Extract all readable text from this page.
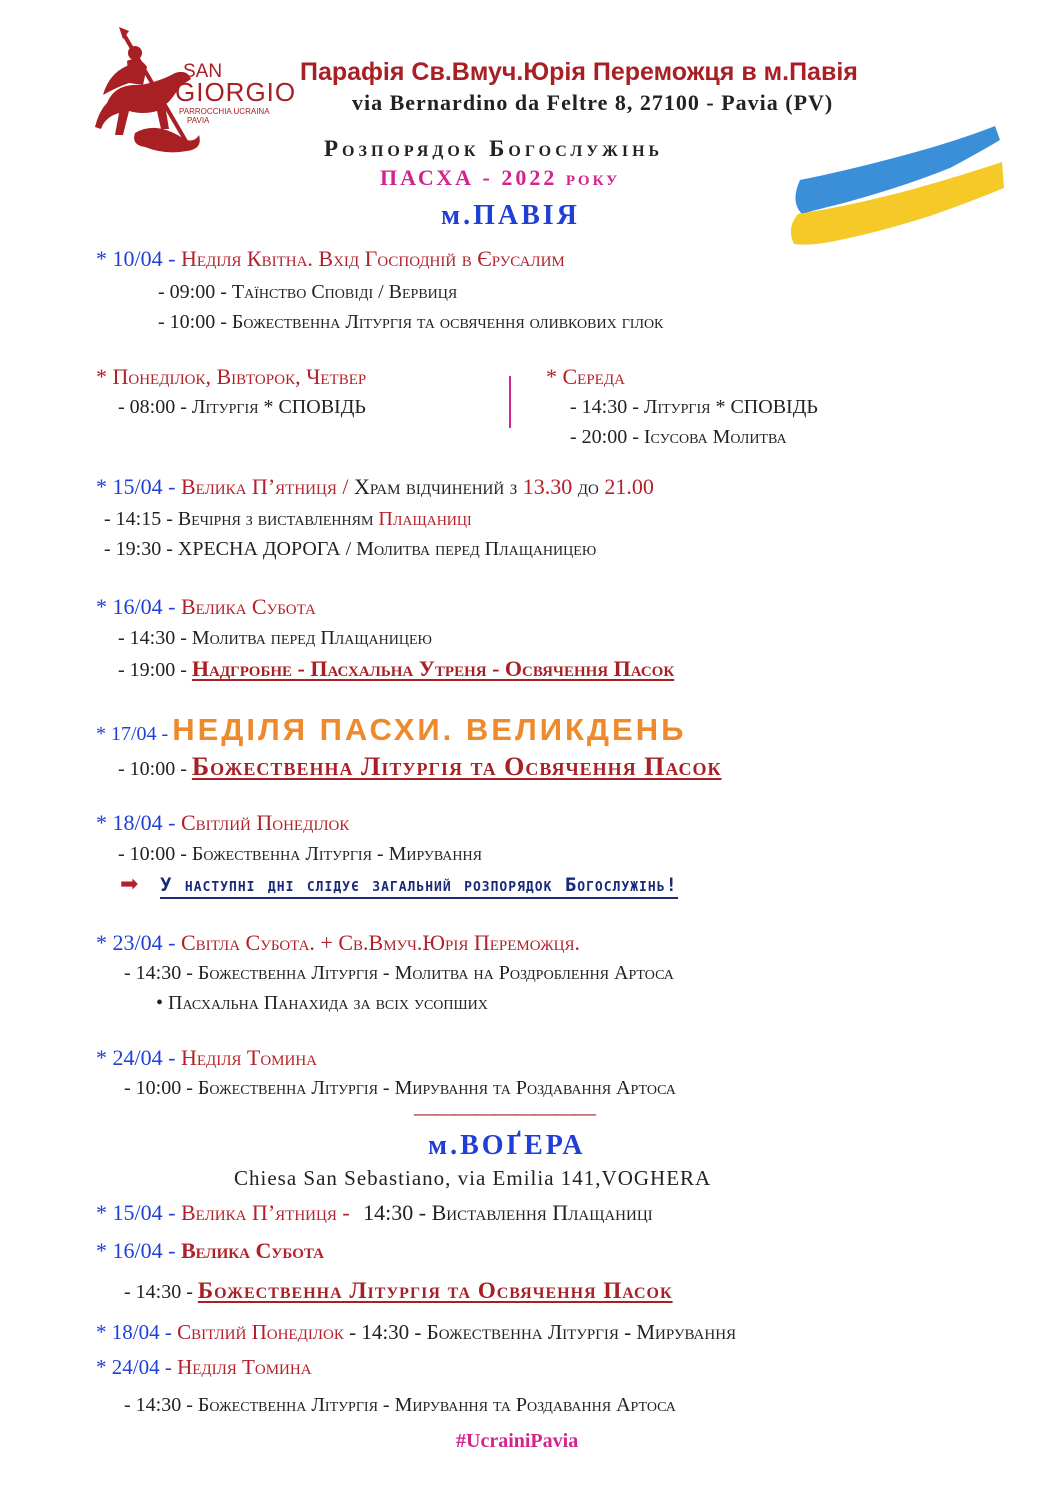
SAN
GIORGIO
PARROCCHIA UCRAINA
PAVIA
Парафія Св.Вмуч.Юрія Переможця в м.Павія
via Bernardino da Feltre 8, 27100 - Pavia (PV)
Розпорядок Богослужінь
ПАСХА - 2022 року
м.ПАВІЯ
* 10/04 - Неділя Квітна. Вхід Господній в Єрусалим
- 09:00 - Таїнство Сповіді / Вервиця
- 10:00 - Божественна Літургія та освячення оливкових гілок
* Понеділок, Вівторок, Четвер
- 08:00 - Літургія * СПОВІДЬ
* Середа
- 14:30 - Літургія * СПОВІДЬ
- 20:00 - Ісусова Молитва
* 15/04 - Велика П’ятниця / Храм відчинений з 13.30 до 21.00
- 14:15 - Вечірня з виставленням Плащаниці
- 19:30 - ХРЕСНА ДОРОГА / Молитва перед Плащаницею
* 16/04 - Велика Субота
- 14:30 - Молитва перед Плащаницею
- 19:00 - Надгробне - Пасхальна Утреня - Освячення Пасок
* 17/04 - НЕДІЛЯ ПАСХИ. ВЕЛИКДЕНЬ
- 10:00 - Божественна Літургія та Освячення Пасок
* 18/04 - Світлий Понеділок
- 10:00 - Божественна Літургія - Мирування
➡ У наступні дні слідує загальний розпорядок Богослужінь!
* 23/04 - Світла Субота. + Св.Вмуч.Юрія Переможця.
- 14:30 - Божественна Літургія - Молитва на Роздроблення Артоса
• Пасхальна Панахида за всіх усопших
* 24/04 - Неділя Томина
- 10:00 - Божественна Літургія - Мирування та Роздавання Артоса
—————————
м.ВОҐЕРА
Chiesa San Sebastiano, via Emilia 141,VOGHERA
* 15/04 - Велика П’ятниця - 14:30 - Виставлення Плащаниці
* 16/04 - Велика Субота
- 14:30 - Божественна Літургія та Освячення Пасок
* 18/04 - Світлий Понеділок - 14:30 - Божественна Літургія - Мирування
* 24/04 - Неділя Томина
- 14:30 - Божественна Літургія - Мирування та Роздавання Артоса
#UcrainiPavia
